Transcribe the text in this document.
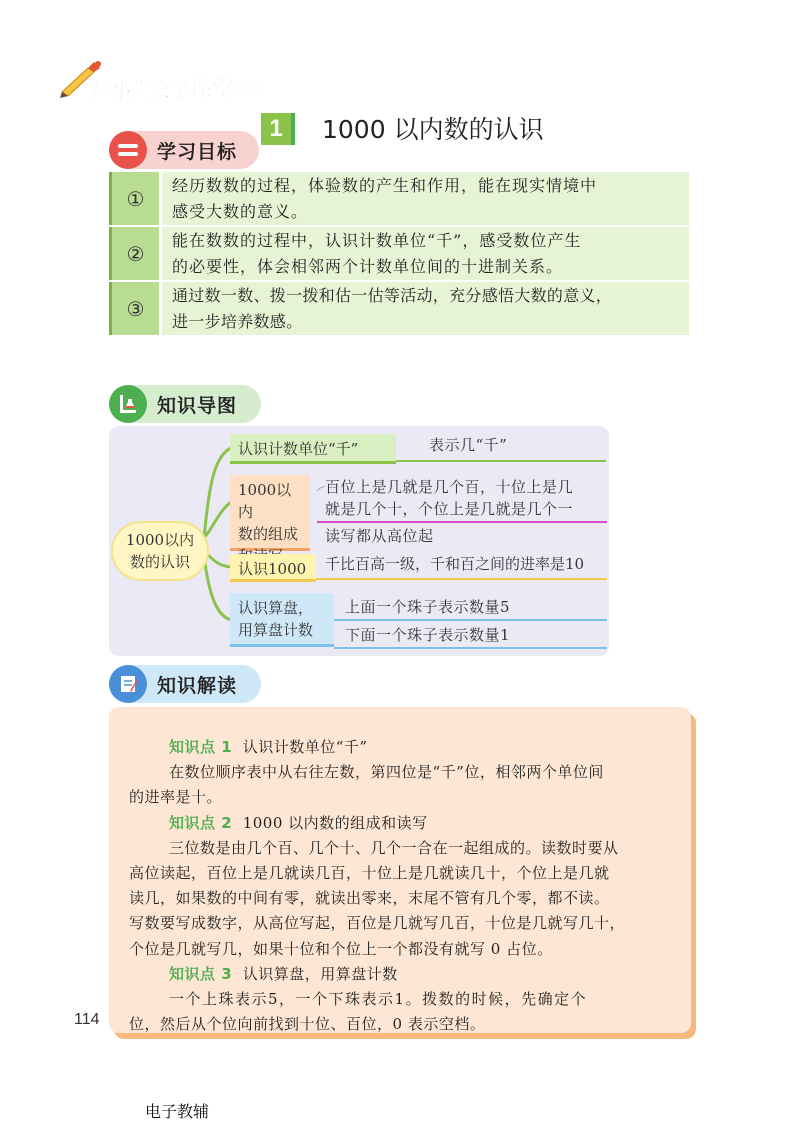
德小优数学课堂笔记
1	1000 以内数的认识
学习目标
①
经历数数的过程，体验数的产生和作用，能在现实情境中
感受大数的意义。
②
能在数数的过程中，认识计数单位“千”，感受数位产生
的必要性，体会相邻两个计数单位间的十进制关系。
③
通过数一数、拨一拨和估一估等活动，充分感悟大数的意义，
进一步培养数感。
知识导图
1000以内
数的认识
认识计数单位“千”	表示几“千”
1000以内
数的组成
百位上是几就是几个百，十位上是几
就是几个十，个位上是几就是几个一
读写都从高位起
认识1000	千比百高一级，千和百之间的进率是10
认识算盘，
用算盘计数
上面一个珠子表示数量5
下面一个珠子表示数量1
知识解读

知识点 1 认识计数单位“千”

在数位顺序表中从右往左数，第四位是“千”位，相邻两个单位间

的进率是十。

知识点 2 1000 以内数的组成和读写

三位数是由几个百、几个十、几个一合在一起组成的。读数时要从

高位读起，百位上是几就读几百，十位上是几就读几十，个位上是几就

读几，如果数的中间有零，就读出零来，末尾不管有几个零，都不读。

写数要写成数字，从高位写起，百位是几就写几百，十位是几就写几十，

个位是几就写几，如果十位和个位上一个都没有就写 0 占位。

知识点 3 认识算盘，用算盘计数

一个上珠表示5，一个下珠表示1。拨数的时候，先确定个

位，然后从个位向前找到十位、百位，0 表示空档。

114
电子教辅
